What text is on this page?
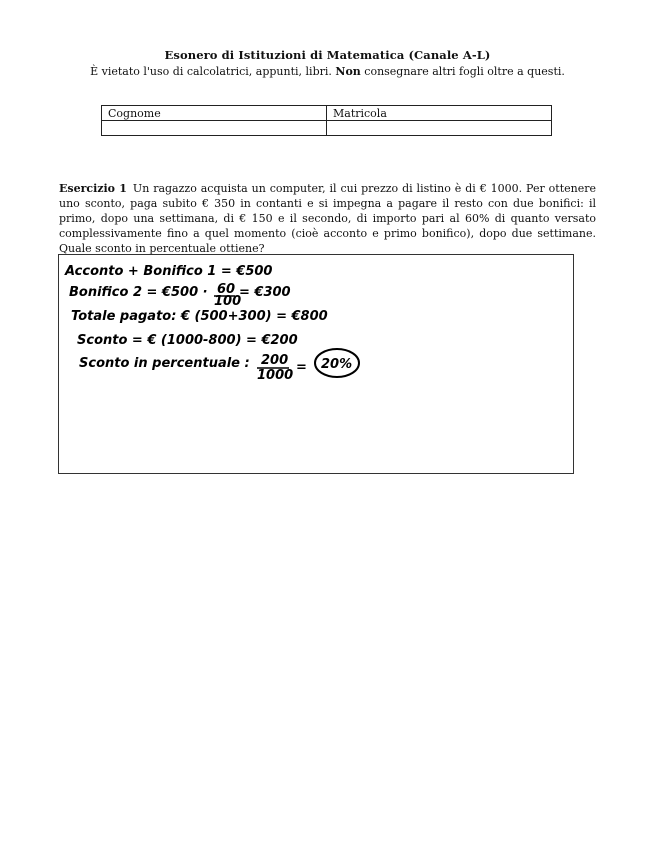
Esonero di Istituzioni di Matematica (Canale A-L)
È vietato l'uso di calcolatrici, appunti, libri. Non consegnare altri fogli oltre a questi.
Cognome	Matricola

Esercizio 1 Un ragazzo acquista un computer, il cui prezzo di listino è di € 1000. Per ottenere uno sconto, paga subito € 350 in contanti e si impegna a pagare il resto con due bonifici: il primo, dopo una settimana, di € 150 e il secondo, di importo pari al 60% di quanto versato complessivamente fino a quel momento (cioè acconto e primo bonifico), dopo due settimane. Quale sconto in percentuale ottiene?
Acconto + Bonifico 1 = €500
Bonifico 2 = €500 · 60
100
= €300
Totale pagato: € (500+300) = €800
Sconto = € (1000-800) = €200
Sconto in percentuale : 200
1000
= 20%
